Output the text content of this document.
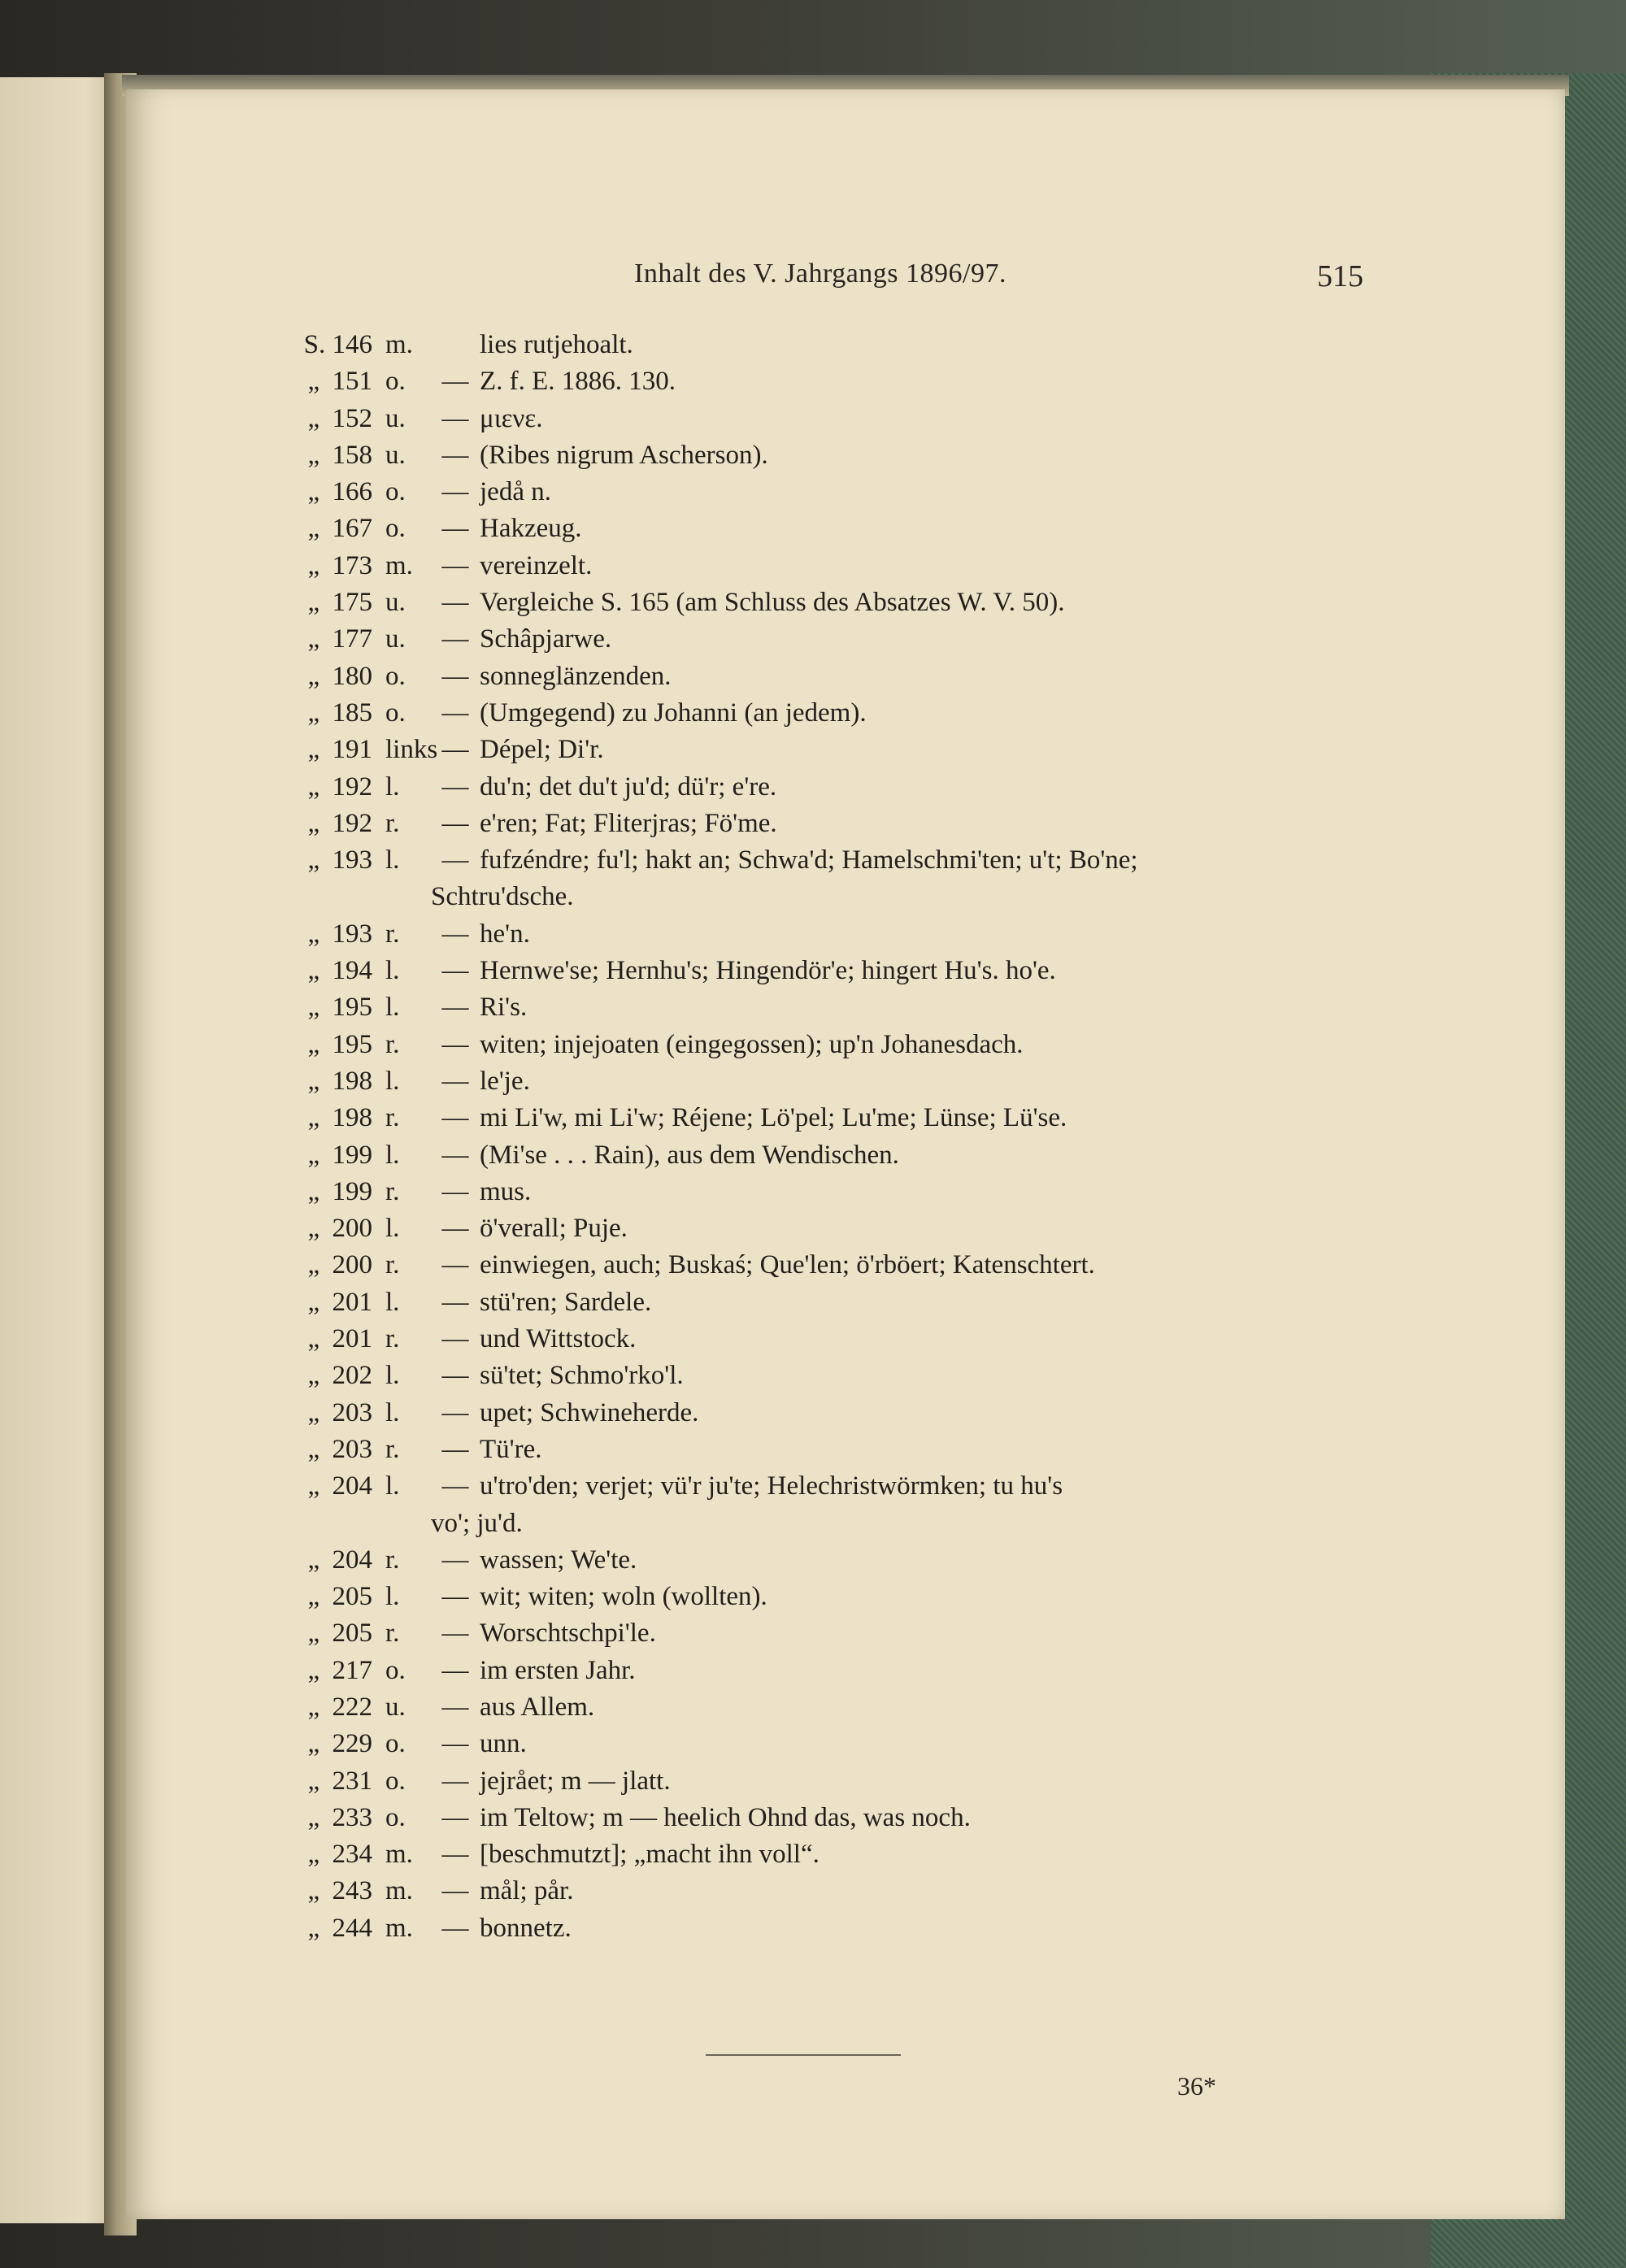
Inhalt des V. Jahrgangs 1896/97.	515
S. 146 m.	lies rutjehoalt.
„ 151 o.	— Z. f. E. 1886. 130.
„ 152 u.	— μιενε.
„ 158 u.	— (Ribes nigrum Ascherson).
„ 166 o.	— jedå n.
„ 167 o.	— Hakzeug.
„ 173 m.	— vereinzelt.
„ 175 u.	— Vergleiche S. 165 (am Schluss des Absatzes W. V. 50).
„ 177 u.	— Schâpjarwe.
„ 180 o.	— sonneglänzenden.
„ 185 o.	— (Umgegend) zu Johanni (an jedem).
„ 191 links — Dépel; Di'r.
„ 192 l.	— du'n; det du't ju'd; dü'r; e're.
„ 192 r.	— e'ren; Fat; Fliterjras; Fö'me.
„ 193 l.	— fufzéndre; fu'l; hakt an; Schwa'd; Hamelschmi'ten; u't; Bo'ne;
Schtru'dsche.
„ 193 r.	— he'n.
„ 194 l.	— Hernwe'se; Hernhu's; Hingendör'e; hingert Hu's. ho'e.
„ 195 l.	— Ri's.
„ 195 r.	— witen; injejoaten (eingegossen); up'n Johanesdach.
„ 198 l.	— le'je.
„ 198 r.	— mi Li'w, mi Li'w; Réjene; Lö'pel; Lu'me; Lünse; Lü'se.
„ 199 l.	— (Mi'se . . . Rain), aus dem Wendischen.
„ 199 r.	— mus.
„ 200 l.	— ö'verall; Puje.
„ 200 r.	— einwiegen, auch; Buskaś; Que'len; ö'rböert; Katenschtert.
„ 201 l.	— stü'ren; Sardele.
„ 201 r.	— und Wittstock.
„ 202 l.	— sü'tet; Schmo'rko'l.
„ 203 l.	— upet; Schwineherde.
„ 203 r.	— Tü're.
„ 204 l.	— u'tro'den; verjet; vü'r ju'te; Helechristwörmken; tu hu's
vo'; ju'd.
„ 204 r.	— wassen; We'te.
„ 205 l.	— wit; witen; woln (wollten).
„ 205 r.	— Worschtschpi'le.
„ 217 o.	— im ersten Jahr.
„ 222 u.	— aus Allem.
„ 229 o.	— unn.
„ 231 o.	— jejrået; m — jlatt.
„ 233 o.	— im Teltow; m — heelich Ohnd das, was noch.
„ 234 m.	— [beschmutzt]; „macht ihn voll“.
„ 243 m.	— mål; pår.
„ 244 m.	— bonnetz.
36*
